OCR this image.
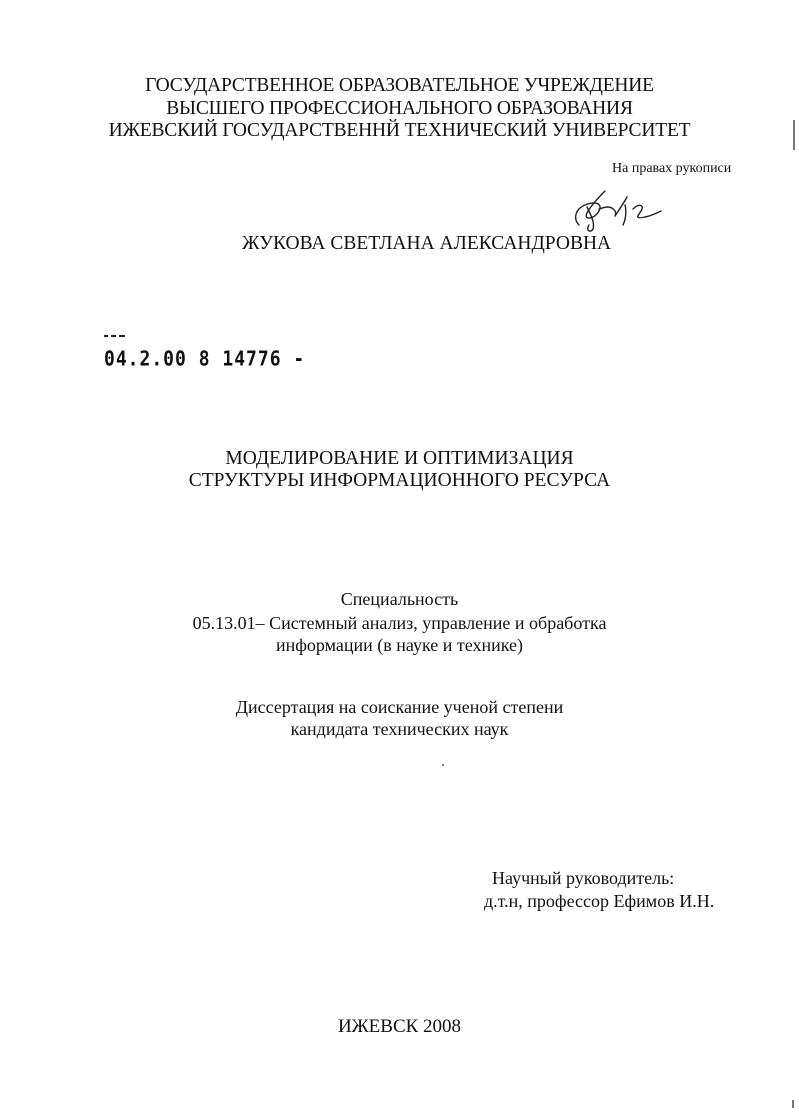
ГОСУДАРСТВЕННОЕ ОБРАЗОВАТЕЛЬНОЕ УЧРЕЖДЕНИЕ
ВЫСШЕГО ПРОФЕССИОНАЛЬНОГО ОБРАЗОВАНИЯ
ИЖЕВСКИЙ ГОСУДАРСТВЕННЙ ТЕХНИЧЕСКИЙ УНИВЕРСИТЕТ
На правах рукописи
ЖУКОВА СВЕТЛАНА АЛЕКСАНДРОВНА
04.2.00 8 14776 -
МОДЕЛИРОВАНИЕ И ОПТИМИЗАЦИЯ
СТРУКТУРЫ ИНФОРМАЦИОННОГО РЕСУРСА
Специальность
05.13.01– Системный анализ, управление и обработка
информации (в науке и технике)
Диссертация на соискание ученой степени
кандидата технических наук
Научный руководитель:
д.т.н, профессор Ефимов И.Н.
ИЖЕВСК 2008
